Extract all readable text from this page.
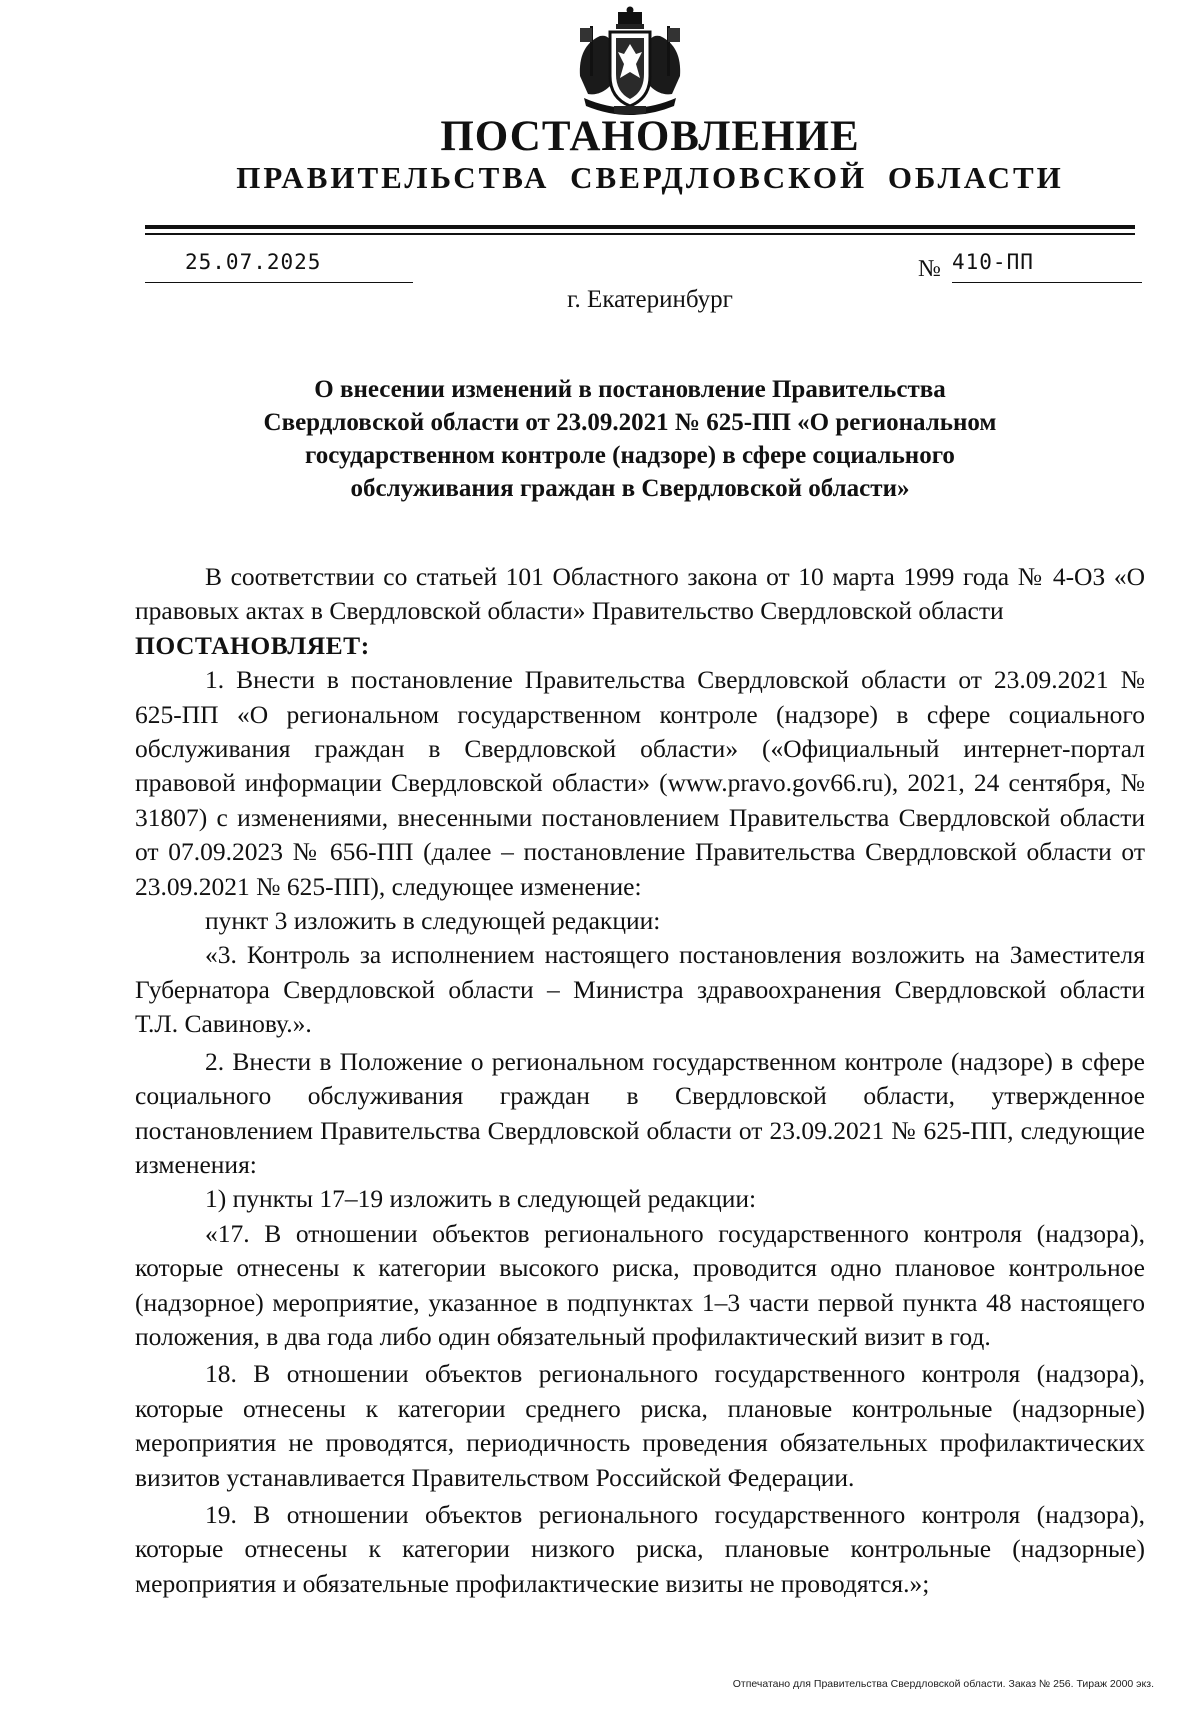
ПОСТАНОВЛЕНИЕ
ПРАВИТЕЛЬСТВА СВЕРДЛОВСКОЙ ОБЛАСТИ
25.07.2025	№ 410-ПП
г. Екатеринбург
О внесении изменений в постановление Правительства
Свердловской области от 23.09.2021 № 625-ПП «О региональном
государственном контроле (надзоре) в сфере социального
обслуживания граждан в Свердловской области»

В соответствии со статьей 101 Областного закона от 10 марта 1999 года № 4-ОЗ «О правовых актах в Свердловской области» Правительство Свердловской области

ПОСТАНОВЛЯЕТ:

1. Внести в постановление Правительства Свердловской области от 23.09.2021 № 625-ПП «О региональном государственном контроле (надзоре) в сфере социального обслуживания граждан в Свердловской области» («Официальный интернет-портал правовой информации Свердловской области» (www.pravo.gov66.ru), 2021, 24 сентября, № 31807) с изменениями, внесенными постановлением Правительства Свердловской области от 07.09.2023 № 656-ПП (далее – постановление Правительства Свердловской области от 23.09.2021 № 625-ПП), следующее изменение:

пункт 3 изложить в следующей редакции:

«3. Контроль за исполнением настоящего постановления возложить на Заместителя Губернатора Свердловской области – Министра здравоохранения Свердловской области Т.Л. Савинову.».

2. Внести в Положение о региональном государственном контроле (надзоре) в сфере социального обслуживания граждан в Свердловской области, утвержденное постановлением Правительства Свердловской области от 23.09.2021 № 625-ПП, следующие изменения:

1) пункты 17–19 изложить в следующей редакции:

«17. В отношении объектов регионального государственного контроля (надзора), которые отнесены к категории высокого риска, проводится одно плановое контрольное (надзорное) мероприятие, указанное в подпунктах 1–3 части первой пункта 48 настоящего положения, в два года либо один обязательный профилактический визит в год.

18. В отношении объектов регионального государственного контроля (надзора), которые отнесены к категории среднего риска, плановые контрольные (надзорные) мероприятия не проводятся, периодичность проведения обязательных профилактических визитов устанавливается Правительством Российской Федерации.

19. В отношении объектов регионального государственного контроля (надзора), которые отнесены к категории низкого риска, плановые контрольные (надзорные) мероприятия и обязательные профилактические визиты не проводятся.»;

Отпечатано для Правительства Свердловской области. Заказ № 256. Тираж 2000 экз.
